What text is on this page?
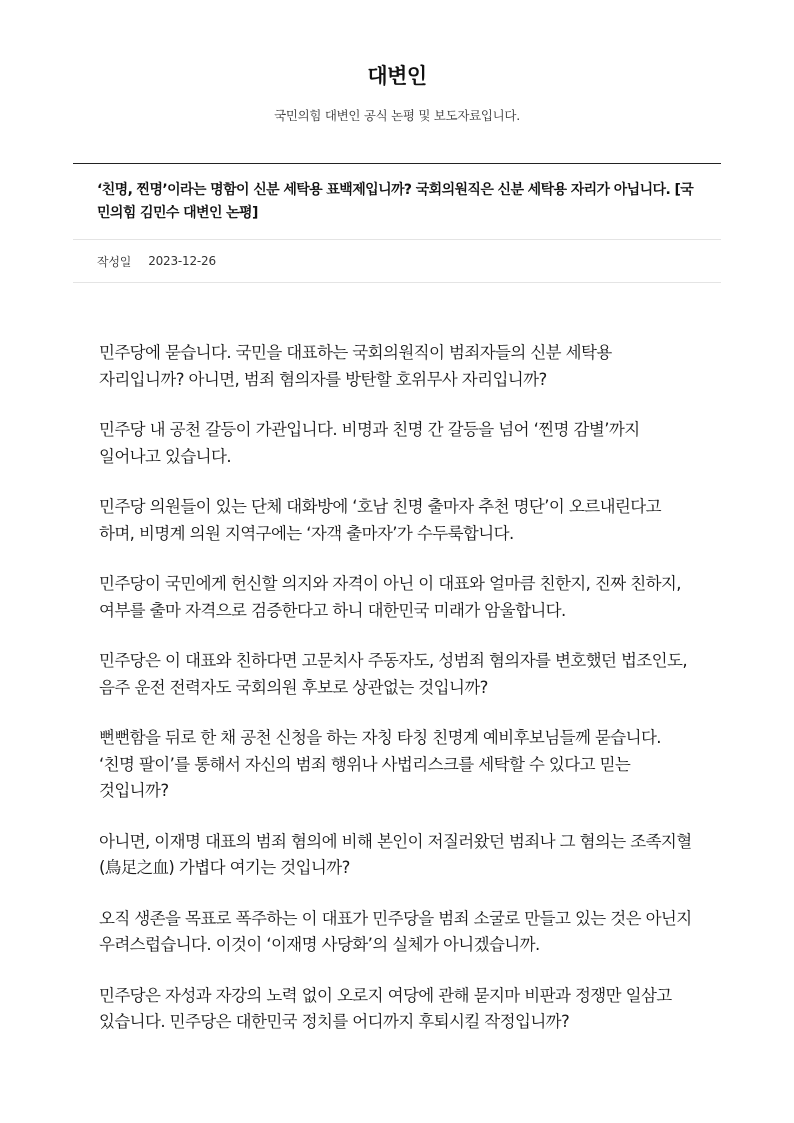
대변인
국민의힘 대변인 공식 논평 및 보도자료입니다.
‘친명, 찐명’이라는 명함이 신분 세탁용 표백제입니까? 국회의원직은 신분 세탁용 자리가 아닙니다. [국민의힘 김민수 대변인 논평]
작성일 2023-12-26

민주당에 묻습니다. 국민을 대표하는 국회의원직이 범죄자들의 신분 세탁용 자리입니까? 아니면, 범죄 혐의자를 방탄할 호위무사 자리입니까?

민주당 내 공천 갈등이 가관입니다. 비명과 친명 간 갈등을 넘어 ‘찐명 감별’까지 일어나고 있습니다.

민주당 의원들이 있는 단체 대화방에 ‘호남 친명 출마자 추천 명단’이 오르내린다고 하며, 비명계 의원 지역구에는 ‘자객 출마자’가 수두룩합니다.

민주당이 국민에게 헌신할 의지와 자격이 아닌 이 대표와 얼마큼 친한지, 진짜 친하지, 여부를 출마 자격으로 검증한다고 하니 대한민국 미래가 암울합니다.

민주당은 이 대표와 친하다면 고문치사 주동자도, 성범죄 혐의자를 변호했던 법조인도, 음주 운전 전력자도 국회의원 후보로 상관없는 것입니까?

뻔뻔함을 뒤로 한 채 공천 신청을 하는 자칭 타칭 친명계 예비후보님들께 묻습니다. ‘친명 팔이’를 통해서 자신의 범죄 행위나 사법리스크를 세탁할 수 있다고 믿는 것입니까?

아니면, 이재명 대표의 범죄 혐의에 비해 본인이 저질러왔던 범죄나 그 혐의는 조족지혈(鳥足之血) 가볍다 여기는 것입니까?

오직 생존을 목표로 폭주하는 이 대표가 민주당을 범죄 소굴로 만들고 있는 것은 아닌지 우려스럽습니다. 이것이 ‘이재명 사당화’의 실체가 아니겠습니까.

민주당은 자성과 자강의 노력 없이 오로지 여당에 관해 묻지마 비판과 정쟁만 일삼고 있습니다. 민주당은 대한민국 정치를 어디까지 후퇴시킬 작정입니까?
